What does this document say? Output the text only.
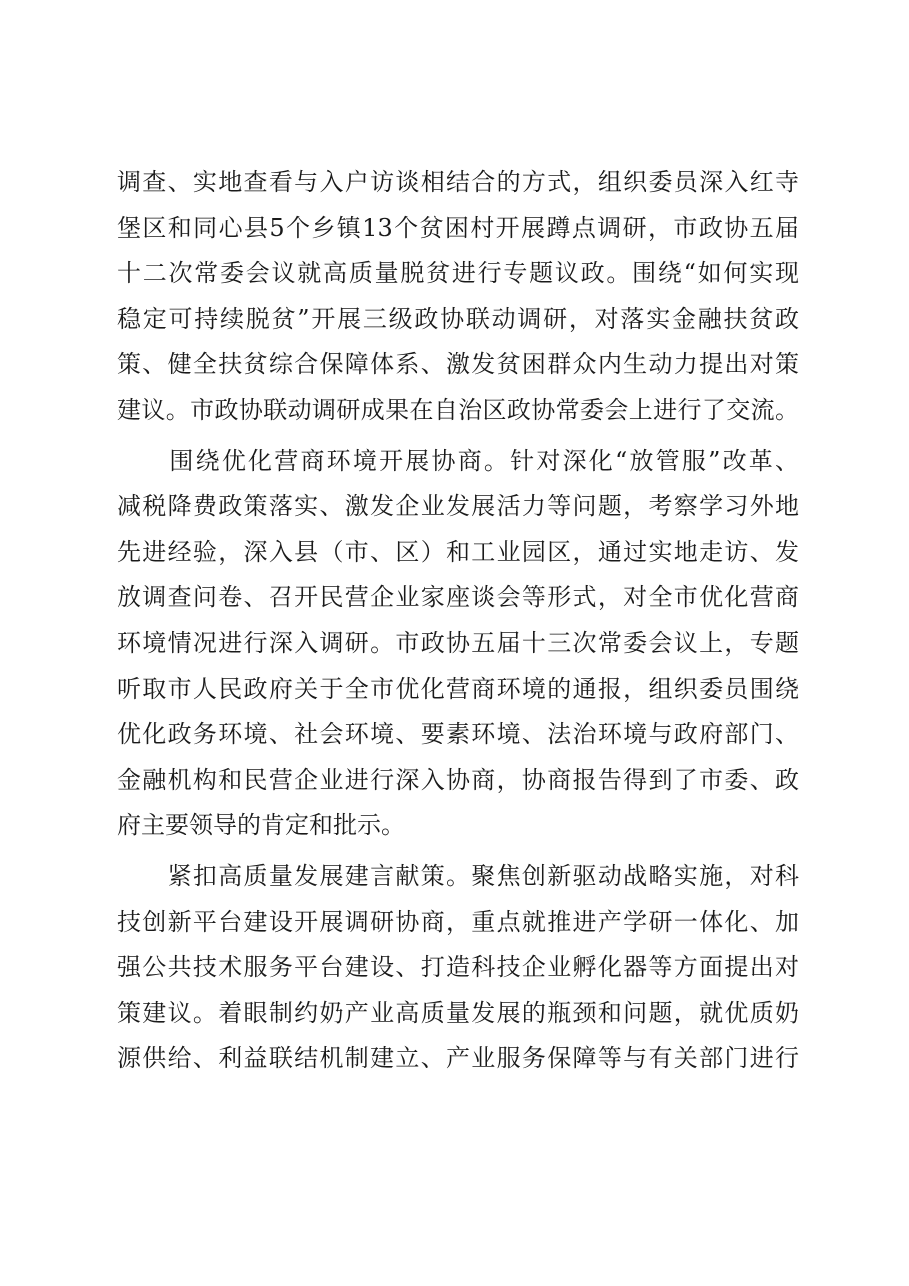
调查、实地查看与入户访谈相结合的方式，组织委员深入红寺
堡区和同心县5个乡镇13个贫困村开展蹲点调研，市政协五届
十二次常委会议就高质量脱贫进行专题议政。围绕“如何实现
稳定可持续脱贫”开展三级政协联动调研，对落实金融扶贫政
策、健全扶贫综合保障体系、激发贫困群众内生动力提出对策
建议。市政协联动调研成果在自治区政协常委会上进行了交流。
　　围绕优化营商环境开展协商。针对深化“放管服”改革、
减税降费政策落实、激发企业发展活力等问题，考察学习外地
先进经验，深入县（市、区）和工业园区，通过实地走访、发
放调查问卷、召开民营企业家座谈会等形式，对全市优化营商
环境情况进行深入调研。市政协五届十三次常委会议上，专题
听取市人民政府关于全市优化营商环境的通报，组织委员围绕
优化政务环境、社会环境、要素环境、法治环境与政府部门、
金融机构和民营企业进行深入协商，协商报告得到了市委、政
府主要领导的肯定和批示。
　　紧扣高质量发展建言献策。聚焦创新驱动战略实施，对科
技创新平台建设开展调研协商，重点就推进产学研一体化、加
强公共技术服务平台建设、打造科技企业孵化器等方面提出对
策建议。着眼制约奶产业高质量发展的瓶颈和问题，就优质奶
源供给、利益联结机制建立、产业服务保障等与有关部门进行
